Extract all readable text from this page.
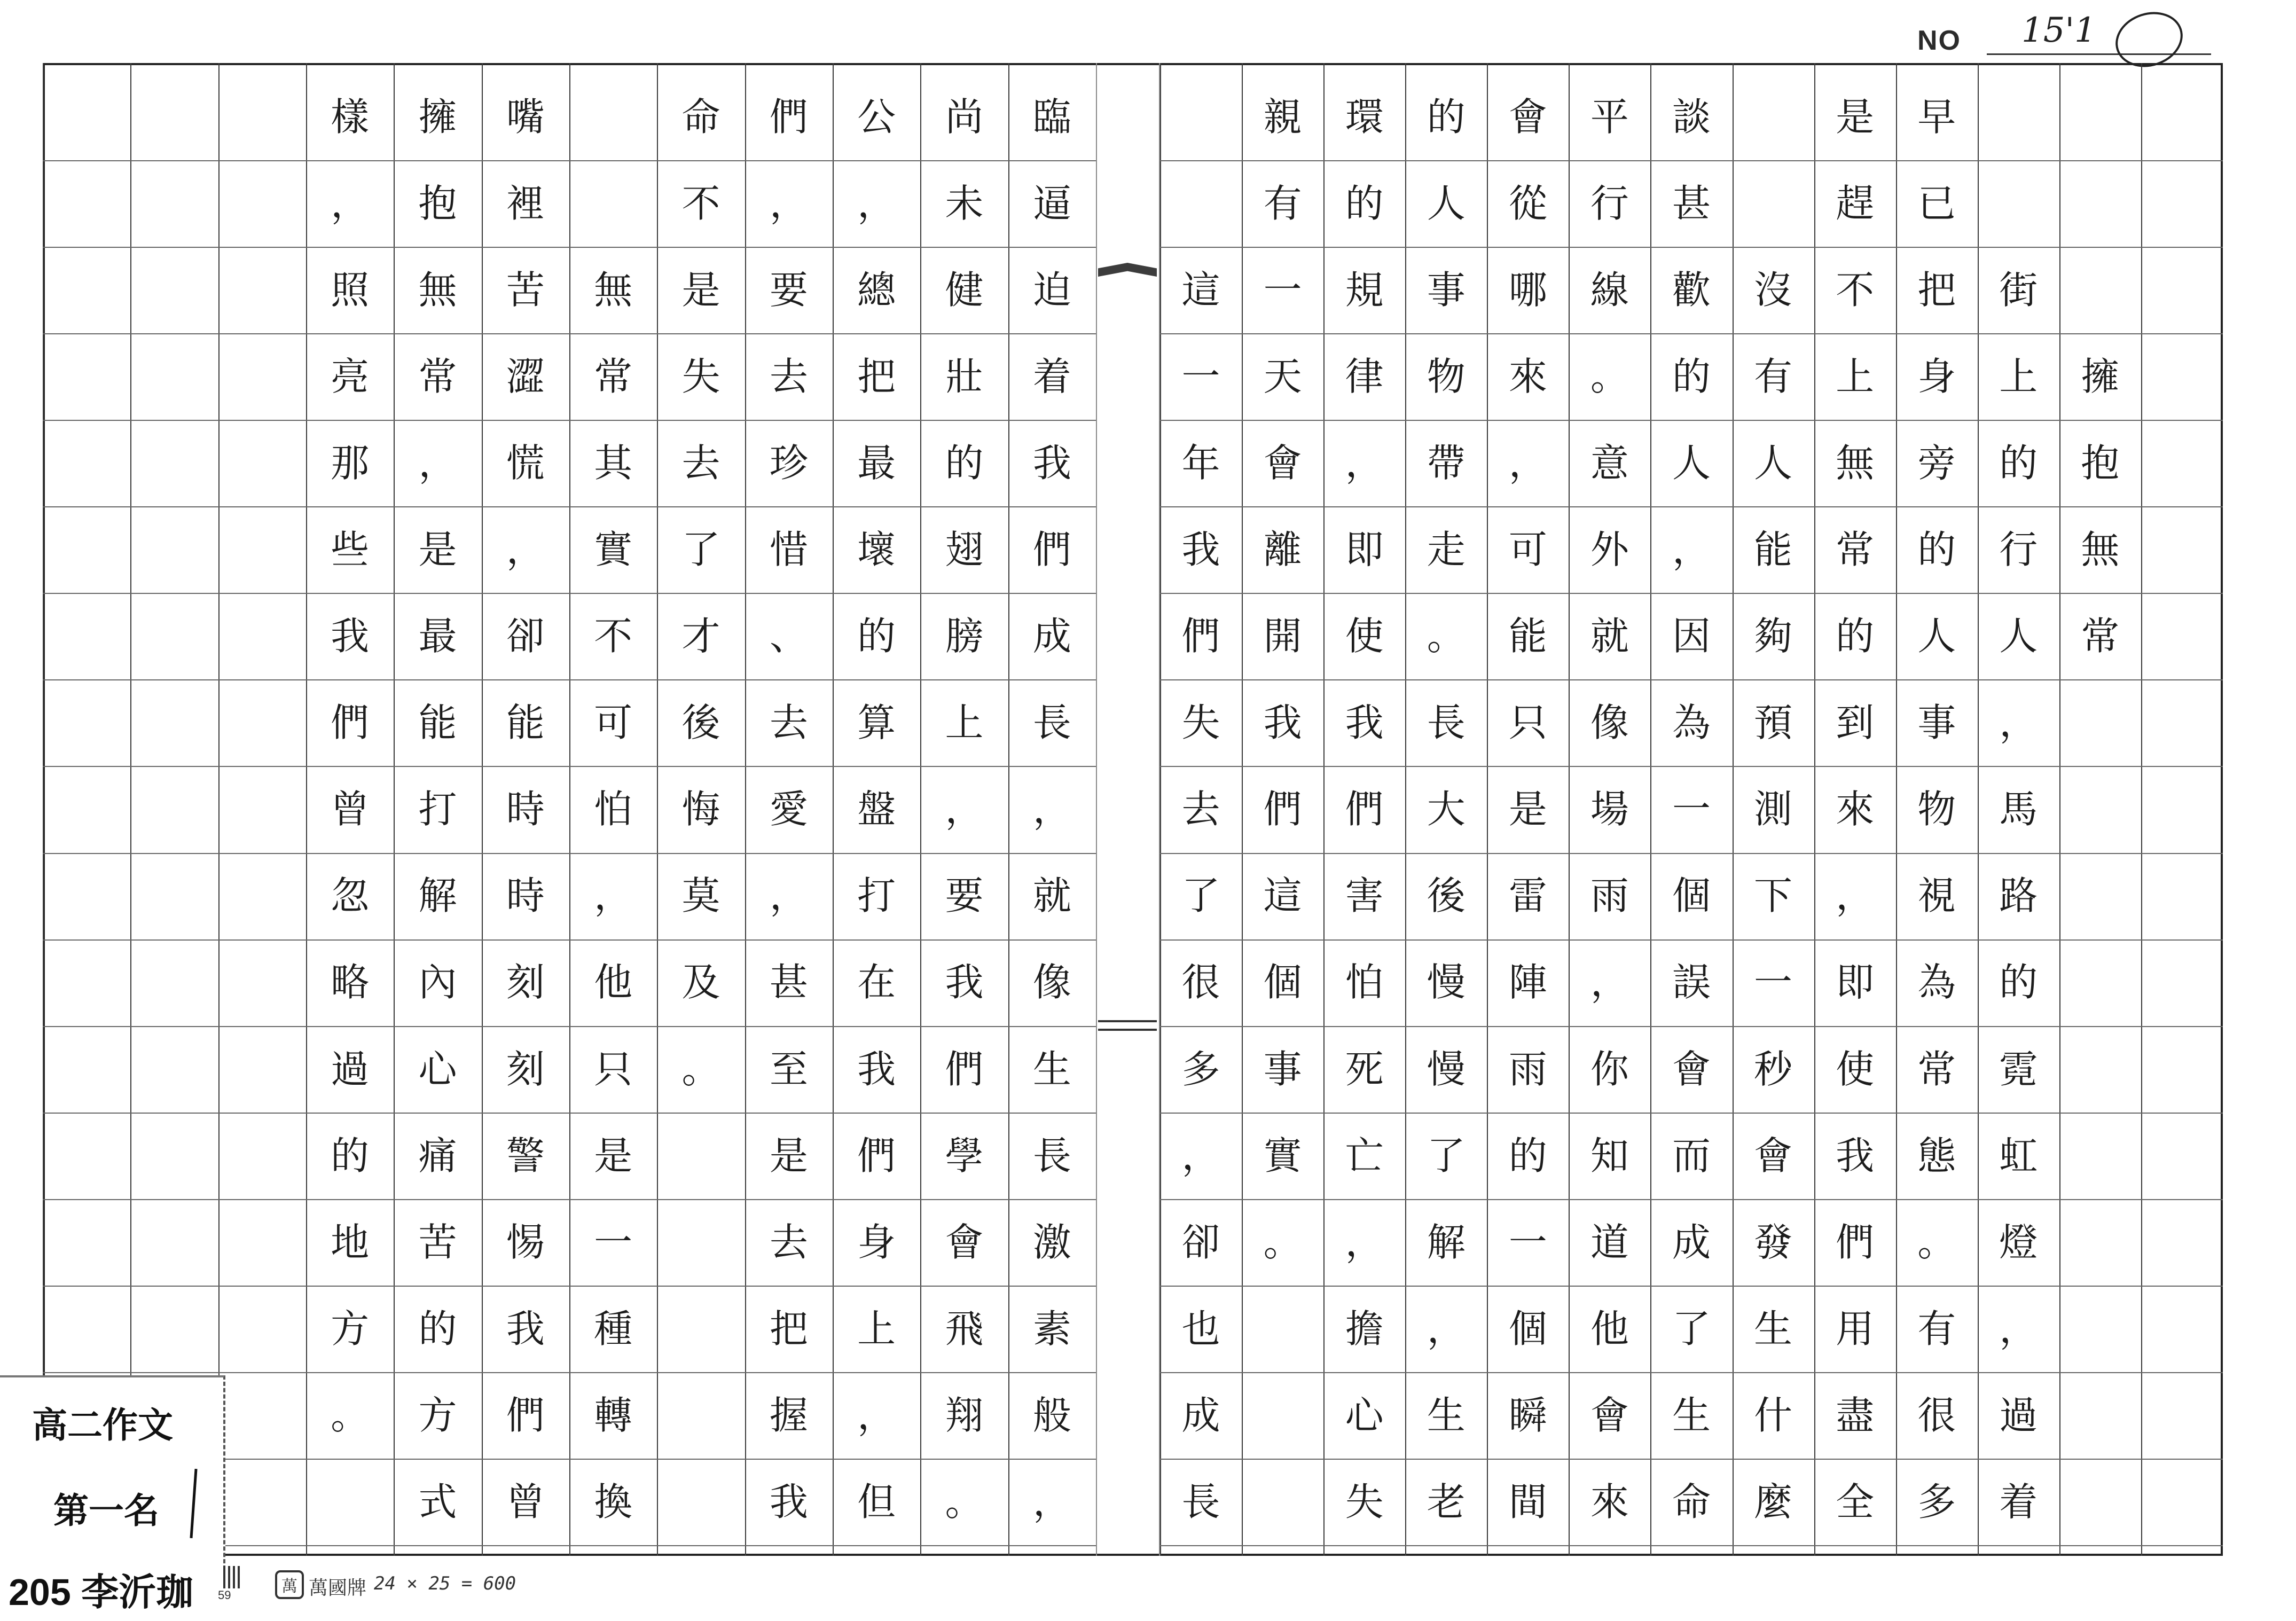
NO 15'1
樣
，
照
亮
那
些
我
們
曾
忽
略
過
的
地
方
。
擁
抱
無
常
，
是
最
能
打
解
內
心
痛
苦
的
方
式
嘴
裡
苦
澀
慌
，
卻
能
時
時
刻
刻
警
惕
我
們
曾
無
常
其
實
不
可
怕
，
他
只
是
一
種
轉
換
命
不
是
失
去
了
才
後
悔
莫
及
。
們
，
要
去
珍
惜
、
去
愛
，
甚
至
是
去
把
握
我
公
，
總
把
最
壞
的
算
盤
打
在
我
們
身
上
，
但
尚
未
健
壯
的
翅
膀
上
，
要
我
們
學
會
飛
翔
。
臨
逼
迫
着
我
們
成
長
，
就
像
生
長
激
素
般
，
這
一
年
我
們
失
去
了
很
多
，
卻
也
成
長
親
有
一
天
會
離
開
我
們
這
個
事
實
。
環
的
規
律
，
即
使
我
們
害
怕
死
亡
，
擔
心
失
的
人
事
物
帶
走
。
長
大
後
慢
慢
了
解
，
生
老
會
從
哪
來
，
可
能
只
是
雷
陣
雨
的
一
個
瞬
間
平
行
線
。
意
外
就
像
場
雨
，
你
知
道
他
會
來
談
甚
歡
的
人
，
因
為
一
個
誤
會
而
成
了
生
命
沒
有
人
能
夠
預
測
下
一
秒
會
發
生
什
麼
是
趕
不
上
無
常
的
到
來
，
即
使
我
們
用
盡
全
早
已
把
身
旁
的
人
事
物
視
為
常
態
。
有
很
多
街
上
的
行
人
，
馬
路
的
霓
虹
燈
，
過
着
擁
抱
無
常
高二作文
第一名
205 李沂珈 59	萬 萬國牌 24 × 25 = 600
